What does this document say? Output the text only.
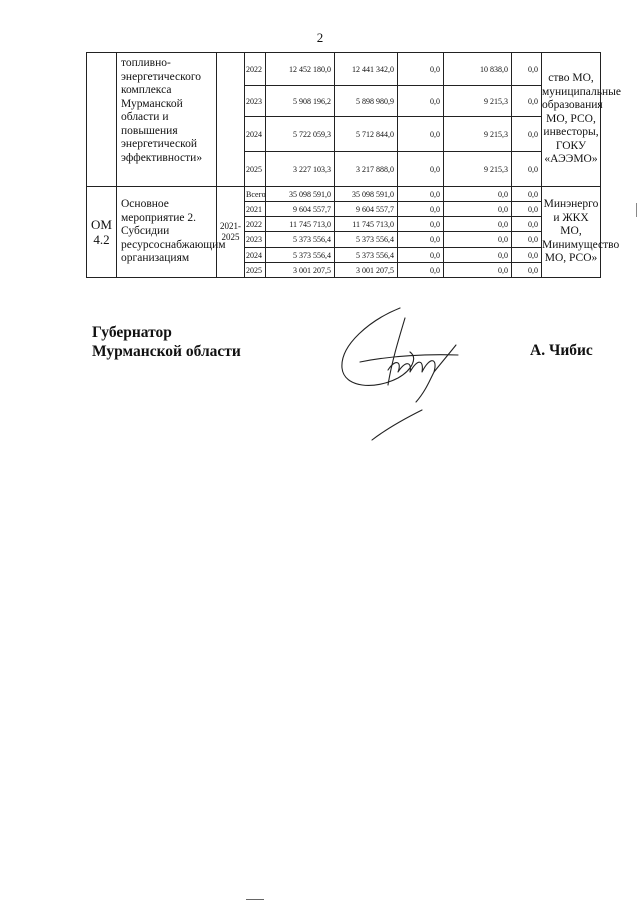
2
	топливно-энергетического комплекса Мурманской области и повышения энергетической эффективности»		2022	12 452 180,0	12 441 342,0	0,0	10 838,0	0,0	ство МО, муниципальные образования МО, РСО, инвесторы, ГОКУ «АЭЭМО»
			2023	5 908 196,2	5 898 980,9	0,0	9 215,3	0,0	
			2024	5 722 059,3	5 712 844,0	0,0	9 215,3	0,0	
			2025	3 227 103,3	3 217 888,0	0,0	9 215,3	0,0	
ОМ 4.2	Основное мероприятие 2. Субсидии ресурсоснабжающим организациям	2021-2025	Всего	35 098 591,0	35 098 591,0	0,0	0,0	0,0	Минэнерго и ЖКХ МО, Минимущество МО, РСО»
			2021	9 604 557,7	9 604 557,7	0,0	0,0	0,0	
			2022	11 745 713,0	11 745 713,0	0,0	0,0	0,0	
			2023	5 373 556,4	5 373 556,4	0,0	0,0	0,0	
			2024	5 373 556,4	5 373 556,4	0,0	0,0	0,0	
			2025	3 001 207,5	3 001 207,5	0,0	0,0	0,0	
Губернатор
Мурманской области	А. Чибис
